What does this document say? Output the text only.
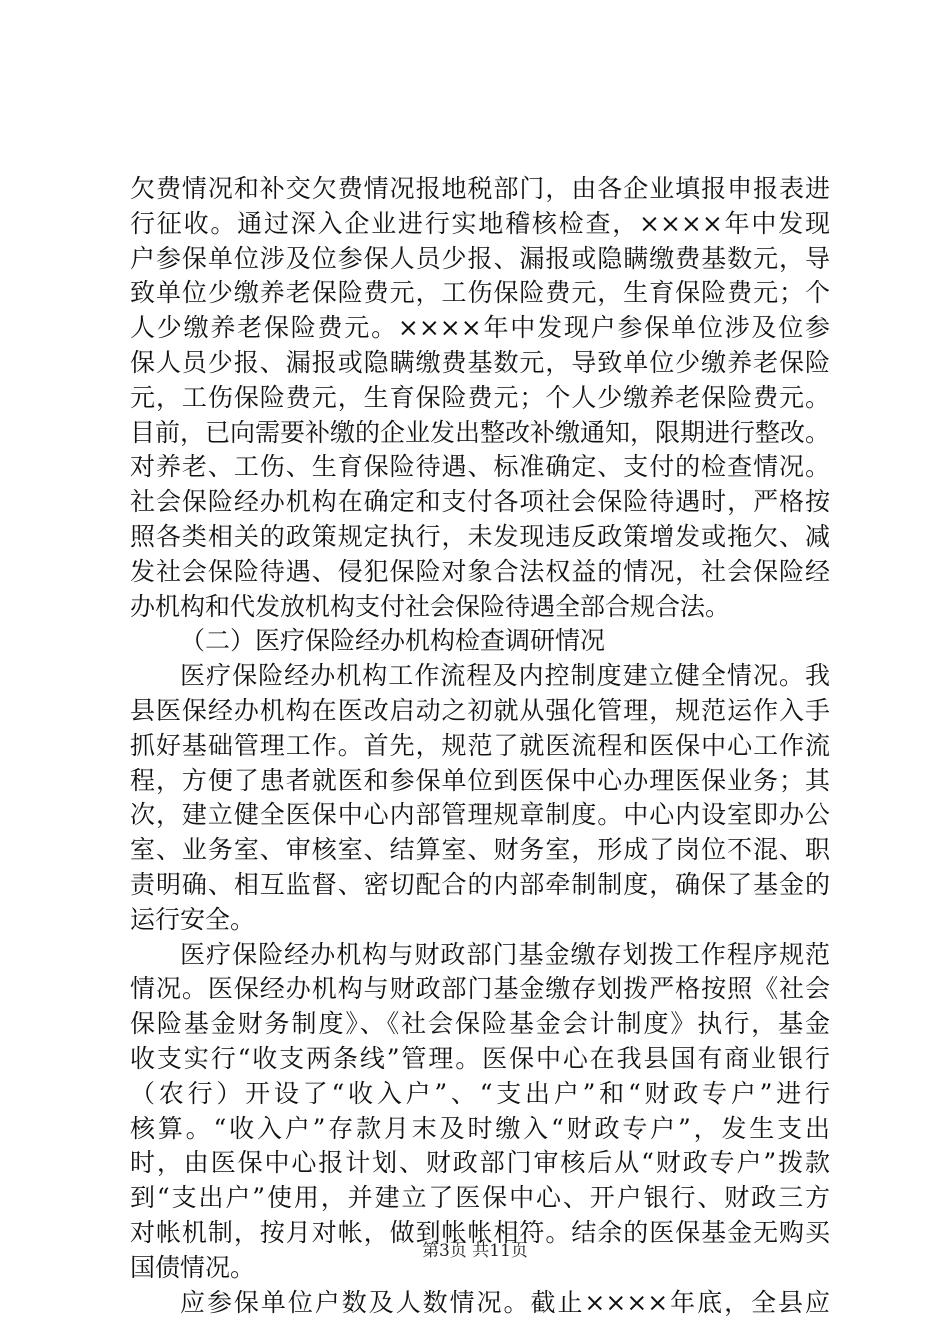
欠费情况和补交欠费情况报地税部门，由各企业填报申报表进
行征收。通过深入企业进行实地稽核检查，××××年中发现
户参保单位涉及位参保人员少报、漏报或隐瞒缴费基数元，导
致单位少缴养老保险费元，工伤保险费元，生育保险费元；个
人少缴养老保险费元。××××年中发现户参保单位涉及位参
保人员少报、漏报或隐瞒缴费基数元，导致单位少缴养老保险
元，工伤保险费元，生育保险费元；个人少缴养老保险费元。
目前，已向需要补缴的企业发出整改补缴通知，限期进行整改。
对养老、工伤、生育保险待遇、标准确定、支付的检查情况。
社会保险经办机构在确定和支付各项社会保险待遇时，严格按
照各类相关的政策规定执行，未发现违反政策增发或拖欠、减
发社会保险待遇、侵犯保险对象合法权益的情况，社会保险经
办机构和代发放机构支付社会保险待遇全部合规合法。
（二）医疗保险经办机构检查调研情况
医疗保险经办机构工作流程及内控制度建立健全情况。我
县医保经办机构在医改启动之初就从强化管理，规范运作入手
抓好基础管理工作。首先，规范了就医流程和医保中心工作流
程，方便了患者就医和参保单位到医保中心办理医保业务；其
次，建立健全医保中心内部管理规章制度。中心内设室即办公
室、业务室、审核室、结算室、财务室，形成了岗位不混、职
责明确、相互监督、密切配合的内部牵制制度，确保了基金的
运行安全。
医疗保险经办机构与财政部门基金缴存划拨工作程序规范
情况。医保经办机构与财政部门基金缴存划拨严格按照《社会
保险基金财务制度》、《社会保险基金会计制度》执行，基金
收支实行“收支两条线”管理。医保中心在我县国有商业银行
（农行）开设了“收入户”、“支出户”和“财政专户”进行
核算。“收入户”存款月末及时缴入“财政专户”，发生支出
时，由医保中心报计划、财政部门审核后从“财政专户”拨款
到“支出户”使用，并建立了医保中心、开户银行、财政三方
对帐机制，按月对帐，做到帐帐相符。结余的医保基金无购买
国债情况。
应参保单位户数及人数情况。截止××××年底，全县应
第3页 共11页
